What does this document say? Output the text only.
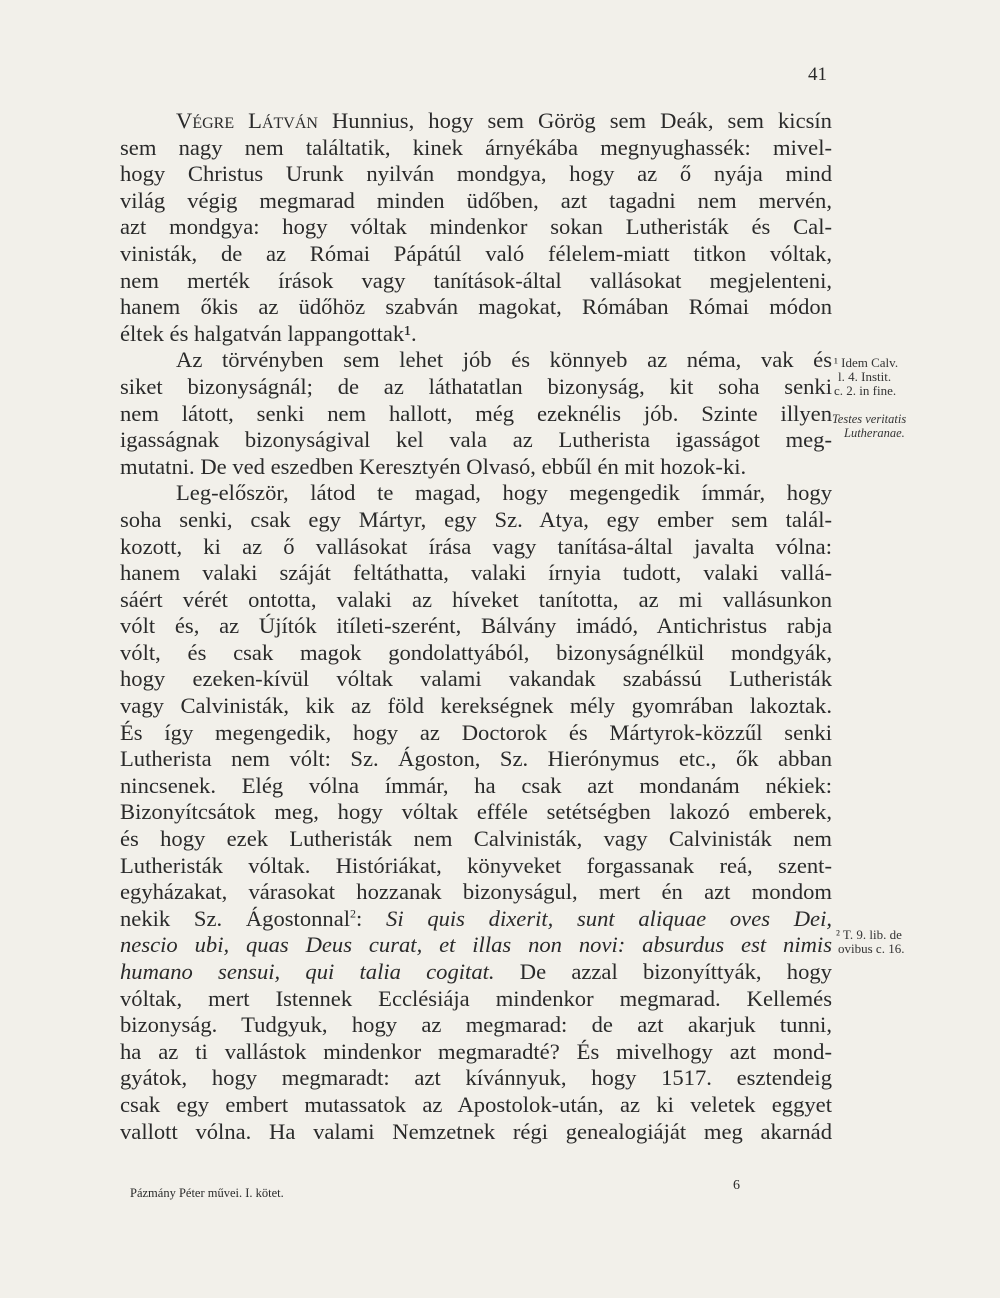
41
Végre Látván Hunnius, hogy sem Görög sem Deák, sem kicsín
sem nagy nem találtatik, kinek árnyékába megnyughassék: mivel-
hogy Christus Urunk nyilván mondgya, hogy az ő nyája mind
világ végig megmarad minden üdőben, azt tagadni nem mervén,
azt mondgya: hogy vóltak mindenkor sokan Lutheristák és Cal-
vinisták, de az Római Pápátúl való félelem-miatt titkon vóltak,
nem merték írások vagy tanítások-által vallásokat megjelenteni,
hanem őkis az üdőhöz szabván magokat, Rómában Római módon
éltek és halgatván lappangottak¹.
Az törvényben sem lehet jób és könnyeb az néma, vak és
siket bizonyságnál; de az láthatatlan bizonyság, kit soha senki
nem látott, senki nem hallott, még ezeknélis jób. Szinte illyen
igasságnak bizonyságival kel vala az Lutherista igasságot meg-
mutatni. De ved eszedben Keresztyén Olvasó, ebbűl én mit hozok-ki.
Leg-először, látod te magad, hogy megengedik ímmár, hogy
soha senki, csak egy Mártyr, egy Sz. Atya, egy ember sem talál-
kozott, ki az ő vallásokat írása vagy tanítása-által javalta vólna:
hanem valaki száját feltáthatta, valaki írnyia tudott, valaki vallá-
sáért vérét ontotta, valaki az híveket tanította, az mi vallásunkon
vólt és, az Újítók itíleti-szerént, Bálvány imádó, Antichristus rabja
vólt, és csak magok gondolattyából, bizonyságnélkül mondgyák,
hogy ezeken-kívül vóltak valami vakandak szabássú Lutheristák
vagy Calvinisták, kik az föld kerekségnek mély gyomrában lakoztak.
És így megengedik, hogy az Doctorok és Mártyrok-közzűl senki
Lutherista nem vólt: Sz. Ágoston, Sz. Hierónymus etc., ők abban
nincsenek. Elég vólna ímmár, ha csak azt mondanám nékiek:
Bizonyítcsátok meg, hogy vóltak efféle setétségben lakozó emberek,
és hogy ezek Lutheristák nem Calvinisták, vagy Calvinisták nem
Lutheristák vóltak. Históriákat, könyveket forgassanak reá, szent-
egyházakat, várasokat hozzanak bizonyságul, mert én azt mondom
nekik Sz. Ágostonnal$^2$: Si quis dixerit, sunt aliquae oves Dei,
nescio ubi, quas Deus curat, et illas non novi: absurdus est nimis
humano sensui, qui talia cogitat. De azzal bizonyíttyák, hogy
vóltak, mert Istennek Ecclésiája mindenkor megmarad. Kellemés
bizonyság. Tudgyuk, hogy az megmarad: de azt akarjuk tunni,
ha az ti vallástok mindenkor megmaradté? És mivelhogy azt mond-
gyátok, hogy megmaradt: azt kívánnyuk, hogy 1517. esztendeig
csak egy embert mutassatok az Apostolok-után, az ki veletek eggyet
vallott vólna. Ha valami Nemzetnek régi genealogiáját meg akarnád
¹ Idem Calv.
l. 4. Instit.
c. 2. in fine.
Testes veritatis
Lutheranae.
² T. 9. lib. de
ovibus c. 16.
Pázmány Péter művei. I. kötet.	6
